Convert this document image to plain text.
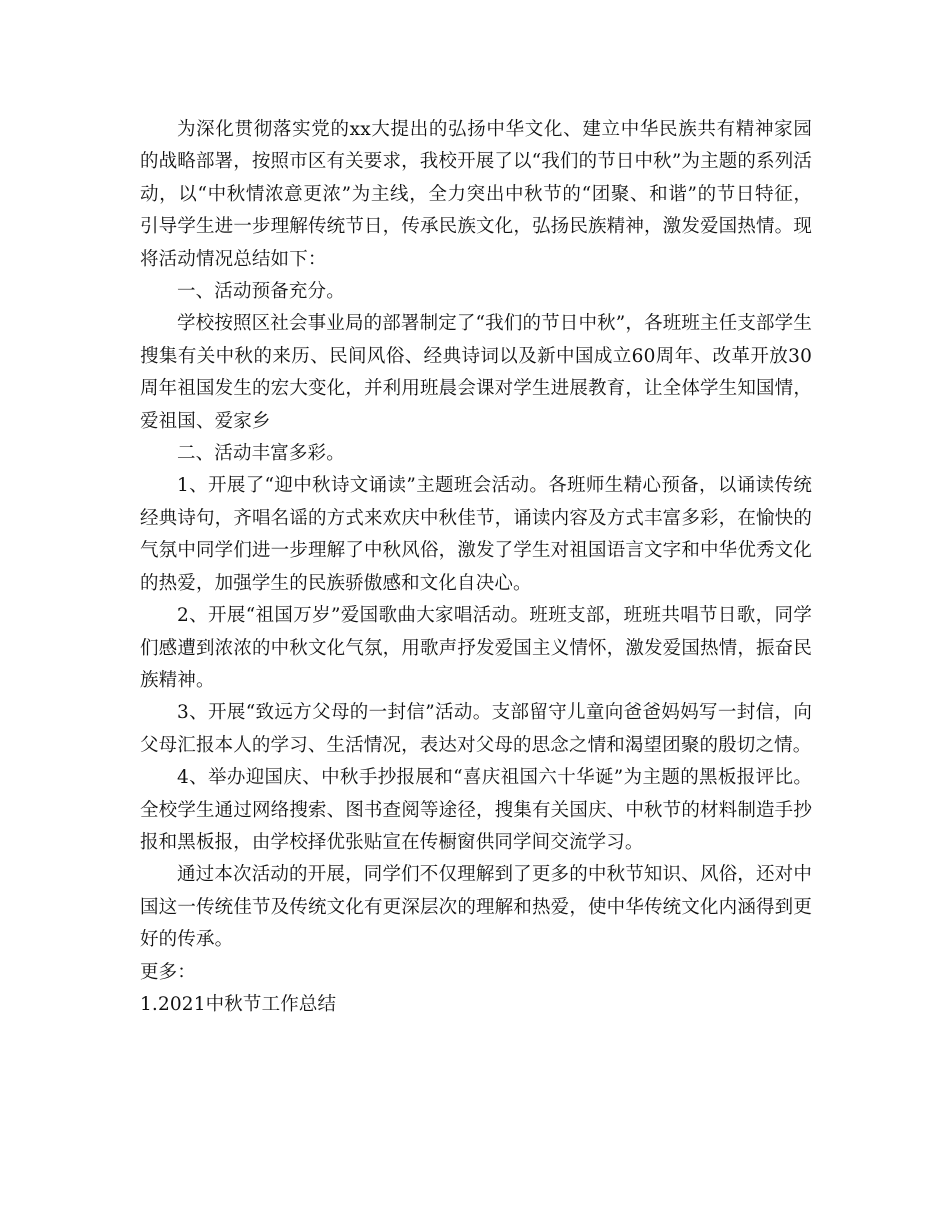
为深化贯彻落实党的xx大提出的弘扬中华文化、建立中华民族共有精神家园的战略部署，按照市区有关要求，我校开展了以“我们的节日中秋”为主题的系列活动，以“中秋情浓意更浓”为主线，全力突出中秋节的“团聚、和谐”的节日特征，引导学生进一步理解传统节日，传承民族文化，弘扬民族精神，激发爱国热情。现将活动情况总结如下：

一、活动预备充分。

学校按照区社会事业局的部署制定了“我们的节日中秋”，各班班主任支部学生搜集有关中秋的来历、民间风俗、经典诗词以及新中国成立60周年、改革开放30周年祖国发生的宏大变化，并利用班晨会课对学生进展教育，让全体学生知国情，爱祖国、爱家乡

二、活动丰富多彩。

1、开展了“迎中秋诗文诵读”主题班会活动。各班师生精心预备，以诵读传统经典诗句，齐唱名谣的方式来欢庆中秋佳节，诵读内容及方式丰富多彩，在愉快的气氛中同学们进一步理解了中秋风俗，激发了学生对祖国语言文字和中华优秀文化的热爱，加强学生的民族骄傲感和文化自决心。

2、开展“祖国万岁”爱国歌曲大家唱活动。班班支部，班班共唱节日歌，同学们感遭到浓浓的中秋文化气氛，用歌声抒发爱国主义情怀，激发爱国热情，振奋民族精神。

3、开展“致远方父母的一封信”活动。支部留守儿童向爸爸妈妈写一封信，向父母汇报本人的学习、生活情况，表达对父母的思念之情和渴望团聚的殷切之情。

4、举办迎国庆、中秋手抄报展和“喜庆祖国六十华诞”为主题的黑板报评比。全校学生通过网络搜索、图书查阅等途径，搜集有关国庆、中秋节的材料制造手抄报和黑板报，由学校择优张贴宣在传橱窗供同学间交流学习。

通过本次活动的开展，同学们不仅理解到了更多的中秋节知识、风俗，还对中国这一传统佳节及传统文化有更深层次的理解和热爱，使中华传统文化内涵得到更好的传承。

更多：

1.2021中秋节工作总结
